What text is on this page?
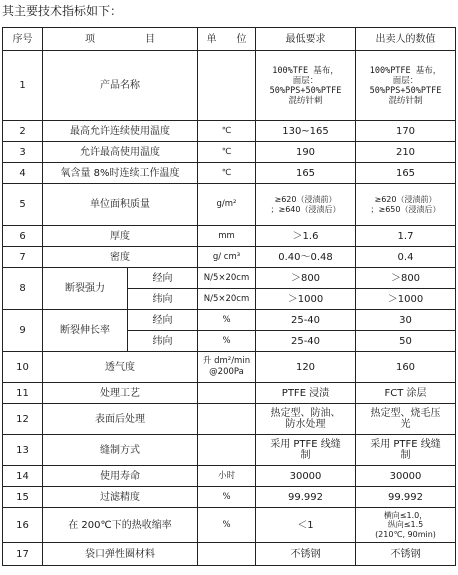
其主要技术指标如下：
序号	项　　　　　目		单　　位	最低要求	出卖人的数值
1	产品名称			100%TFE 基布，
面层：
50%PPS+50%PTFE
混纺针刺	100%PTFE 基布，
面层：
50%PPS+50%PTFE
混纺针制
2	最高允许连续使用温度		℃	130~165	170
3	允许最高使用温度		℃	190	210
4	氧含量 8%时连续工作温度		℃	165	165
5	单位面积质量		g/m²	≥620（浸渍前）
；≥640（浸渍后）	≥620（浸渍前）
；≥650（浸渍后）
6	厚度		mm	＞1.6	1.7
7	密度		g/ cm³	0.40～0.48	0.4
8	断裂强力	经向	N/5×20cm	＞800	＞800
		纬向	N/5×20cm	＞1000	＞1000
9	断裂伸长率	经向	%	25-40	30
		纬向	%	25-40	50
10	透气度		升 dm²/min
@200Pa	120	160
11	处理工艺			PTFE 浸渍	FCT 涂层
12	表面后处理			热定型、防油、
防水处理	热定型、烧毛压
光
13	缝制方式			采用 PTFE 线缝
制	采用 PTFE 线缝
制
14	使用寿命		小时	30000	30000
15	过滤精度		%	99.992	99.992
16	在 200℃下的热收缩率		%	＜1	横向≤1.0，
纵向≤1.5
(210℃, 90min)
17	袋口弹性圈材料			不锈钢	不锈钢
